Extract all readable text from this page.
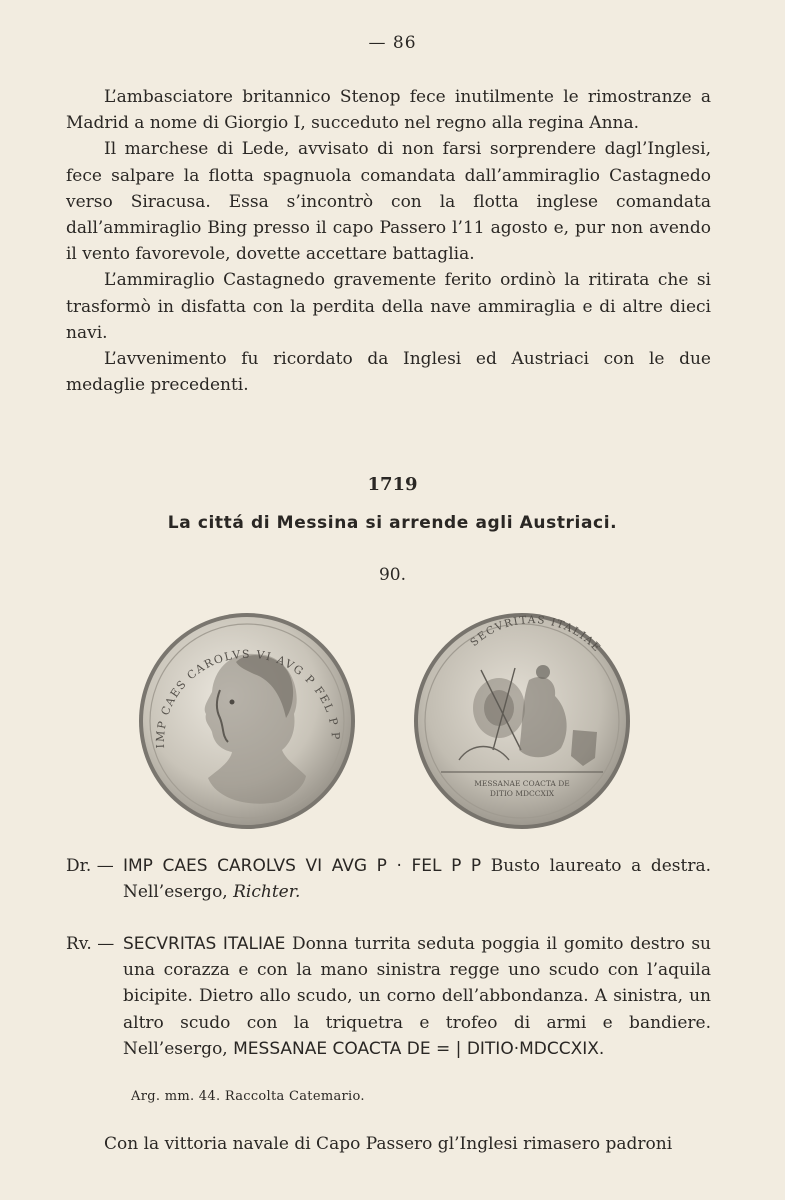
— 86

L’ambasciatore britannico Stenop fece inutilmente le rimostranze a Madrid a nome di Giorgio I, succeduto nel regno alla regina Anna.

Il marchese di Lede, avvisato di non farsi sorprendere dagl’Inglesi, fece salpare la flotta spagnuola comandata dall’ammiraglio Castagnedo verso Siracusa. Essa s’incontrò con la flotta inglese comandata dall’ammiraglio Bing presso il capo Passero l’11 agosto e, pur non avendo il vento favorevole, dovette accettare battaglia.

L’ammiraglio Castagnedo gravemente ferito ordinò la ritirata che si trasformò in disfatta con la perdita della nave ammiraglia e di altre dieci navi.

L’avvenimento fu ricordato da Inglesi ed Austriaci con le due medaglie precedenti.

1719
La cittá di Messina si arrende agli Austriaci.
90.
IMP CAES CAROLVS VI AVG P FEL P P
SECVRITAS ITALIAE
MESSANAE COACTA DE
DITIO MDCCXIX
Dr. — IMP CAES CAROLVS VI AVG P · FEL P P Busto laureato a destra. Nell’esergo, Richter.
Rv. — SECVRITAS ITALIAE Donna turrita seduta poggia il gomito destro su una corazza e con la mano sinistra regge uno scudo con l’aquila bicipite. Dietro allo scudo, un corno dell’abbondanza. A sinistra, un altro scudo con la triquetra e trofeo di armi e bandiere. Nell’esergo, MESSANAE COACTA DE = | DITIO·MDCCXIX.
Arg. mm. 44. Raccolta Catemario.

Con la vittoria navale di Capo Passero gl’Inglesi rimasero padroni
